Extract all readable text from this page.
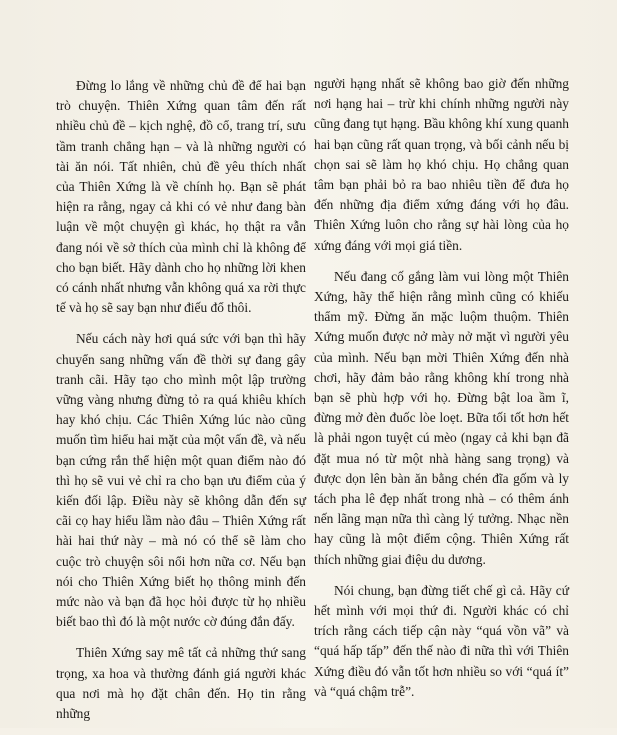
Đừng lo lắng về những chủ đề để hai bạn trò chuyện. Thiên Xứng quan tâm đến rất nhiều chủ đề – kịch nghệ, đồ cổ, trang trí, sưu tầm tranh chẳng hạn – và là những người có tài ăn nói. Tất nhiên, chủ đề yêu thích nhất của Thiên Xứng là về chính họ. Bạn sẽ phát hiện ra rằng, ngay cả khi có vẻ như đang bàn luận về một chuyện gì khác, họ thật ra vẫn đang nói về sở thích của mình chỉ là không để cho bạn biết. Hãy dành cho họ những lời khen có cánh nhất nhưng vẫn không quá xa rời thực tế và họ sẽ say bạn như điếu đổ thôi.

Nếu cách này hơi quá sức với bạn thì hãy chuyển sang những vấn đề thời sự đang gây tranh cãi. Hãy tạo cho mình một lập trường vững vàng nhưng đừng tỏ ra quá khiêu khích hay khó chịu. Các Thiên Xứng lúc nào cũng muốn tìm hiểu hai mặt của một vấn đề, và nếu bạn cứng rắn thể hiện một quan điểm nào đó thì họ sẽ vui vẻ chỉ ra cho bạn ưu điểm của ý kiến đối lập. Điều này sẽ không dẫn đến sự cãi cọ hay hiểu lầm nào đâu – Thiên Xứng rất hài hai thứ này – mà nó có thể sẽ làm cho cuộc trò chuyện sôi nổi hơn nữa cơ. Nếu bạn nói cho Thiên Xứng biết họ thông minh đến mức nào và bạn đã học hỏi được từ họ nhiều biết bao thì đó là một nước cờ đúng đắn đấy.

Thiên Xứng say mê tất cả những thứ sang trọng, xa hoa và thường đánh giá người khác qua nơi mà họ đặt chân đến. Họ tin rằng những

người hạng nhất sẽ không bao giờ đến những nơi hạng hai – trừ khi chính những người này cũng đang tụt hạng. Bầu không khí xung quanh hai bạn cũng rất quan trọng, và bối cảnh nếu bị chọn sai sẽ làm họ khó chịu. Họ chẳng quan tâm bạn phải bỏ ra bao nhiêu tiền để đưa họ đến những địa điểm xứng đáng với họ đâu. Thiên Xứng luôn cho rằng sự hài lòng của họ xứng đáng với mọi giá tiền.

Nếu đang cố gắng làm vui lòng một Thiên Xứng, hãy thể hiện rằng mình cũng có khiếu thẩm mỹ. Đừng ăn mặc luộm thuộm. Thiên Xứng muốn được nở mày nở mặt vì người yêu của mình. Nếu bạn mời Thiên Xứng đến nhà chơi, hãy đảm bảo rằng không khí trong nhà bạn sẽ phù hợp với họ. Đừng bật loa ầm ĩ, đừng mở đèn đuốc lòe loẹt. Bữa tối tốt hơn hết là phải ngon tuyệt cú mèo (ngay cả khi bạn đã đặt mua nó từ một nhà hàng sang trọng) và được dọn lên bàn ăn bằng chén đĩa gốm và ly tách pha lê đẹp nhất trong nhà – có thêm ánh nến lãng mạn nữa thì càng lý tưởng. Nhạc nền hay cũng là một điểm cộng. Thiên Xứng rất thích những giai điệu du dương.

Nói chung, bạn đừng tiết chế gì cả. Hãy cứ hết mình với mọi thứ đi. Người khác có chỉ trích rằng cách tiếp cận này “quá vồn vã” và “quá hấp tấp” đến thế nào đi nữa thì với Thiên Xứng điều đó vẫn tốt hơn nhiều so với “quá ít” và “quá chậm trễ”.
